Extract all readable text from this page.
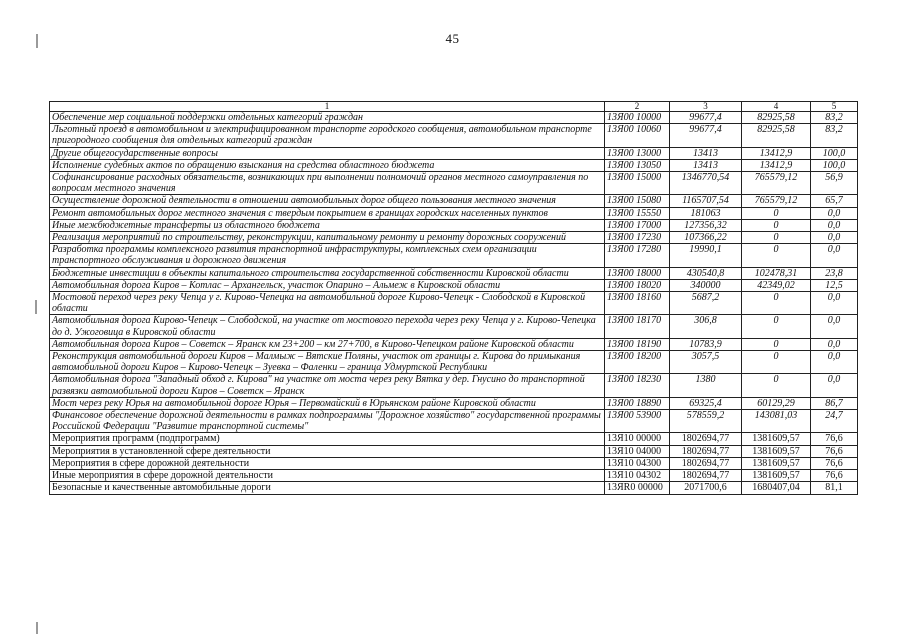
45
1	2	3	4	5
Обеспечение мер социальной поддержки отдельных категорий граждан	13Я00 10000	99677,4	82925,58	83,2
Льготный проезд в автомобильном и электрифицированном транспорте городского сообщения, автомобильном транспорте пригородного сообщения для отдельных категорий граждан	13Я00 10060	99677,4	82925,58	83,2
Другие общегосударственные вопросы	13Я00 13000	13413	13412,9	100,0
Исполнение судебных актов по обращению взыскания на средства областного бюджета	13Я00 13050	13413	13412,9	100,0
Софинансирование расходных обязательств, возникающих при выполнении полномочий органов местного самоуправления по вопросам местного значения	13Я00 15000	1346770,54	765579,12	56,9
Осуществление дорожной деятельности в отношении автомобильных дорог общего пользования местного значения	13Я00 15080	1165707,54	765579,12	65,7
Ремонт автомобильных дорог местного значения с твердым покрытием в границах городских населенных пунктов	13Я00 15550	181063	0	0,0
Иные межбюджетные трансферты из областного бюджета	13Я00 17000	127356,32	0	0,0
Реализация мероприятий по строительству, реконструкции, капитальному ремонту и ремонту дорожных сооружений	13Я00 17230	107366,22	0	0,0
Разработка программы комплексного развития транспортной инфраструктуры, комплексных схем организации транспортного обслуживания и дорожного движения	13Я00 17280	19990,1	0	0,0
Бюджетные инвестиции в объекты капитального строительства государственной собственности Кировской области	13Я00 18000	430540,8	102478,31	23,8
Автомобильная дорога Киров – Котлас – Архангельск, участок Опарино – Альмеж в Кировской области	13Я00 18020	340000	42349,02	12,5
Мостовой переход через реку Чепца у г. Кирово-Чепецка на автомобильной дороге Кирово-Чепецк - Слободской в Кировской области	13Я00 18160	5687,2	0	0,0
Автомобильная дорога Кирово-Чепецк – Слободской, на участке от мостового перехода через реку Чепца у г. Кирово-Чепецка до д. Ужоговица в Кировской области	13Я00 18170	306,8	0	0,0
Автомобильная дорога Киров – Советск – Яранск км 23+200 – км 27+700, в Кирово-Чепецком районе Кировской области	13Я00 18190	10783,9	0	0,0
Реконструкция автомобильной дороги Киров – Малмыж – Вятские Поляны, участок от границы г. Кирова до примыкания автомобильной дороги Киров – Кирово-Чепецк – Зуевка – Фаленки – граница Удмуртской Республики	13Я00 18200	3057,5	0	0,0
Автомобильная дорога "Западный обход г. Кирова" на участке от моста через реку Вятка у дер. Гнусино до транспортной развязки автомобильной дороги Киров – Советск – Яранск	13Я00 18230	1380	0	0,0
Мост через реку Юрья на автомобильной дороге Юрья – Первомайский в Юрьянском районе Кировской области	13Я00 18890	69325,4	60129,29	86,7
Финансовое обеспечение дорожной деятельности в рамках подпрограммы "Дорожное хозяйство" государственной программы Российской Федерации "Развитие транспортной системы"	13Я00 53900	578559,2	143081,03	24,7
Мероприятия программ (подпрограмм)	13Я10 00000	1802694,77	1381609,57	76,6
Мероприятия в установленной сфере деятельности	13Я10 04000	1802694,77	1381609,57	76,6
Мероприятия в сфере дорожной деятельности	13Я10 04300	1802694,77	1381609,57	76,6
Иные мероприятия в сфере дорожной деятельности	13Я10 04302	1802694,77	1381609,57	76,6
Безопасные и качественные автомобильные дороги	13ЯR0 00000	2071700,6	1680407,04	81,1
